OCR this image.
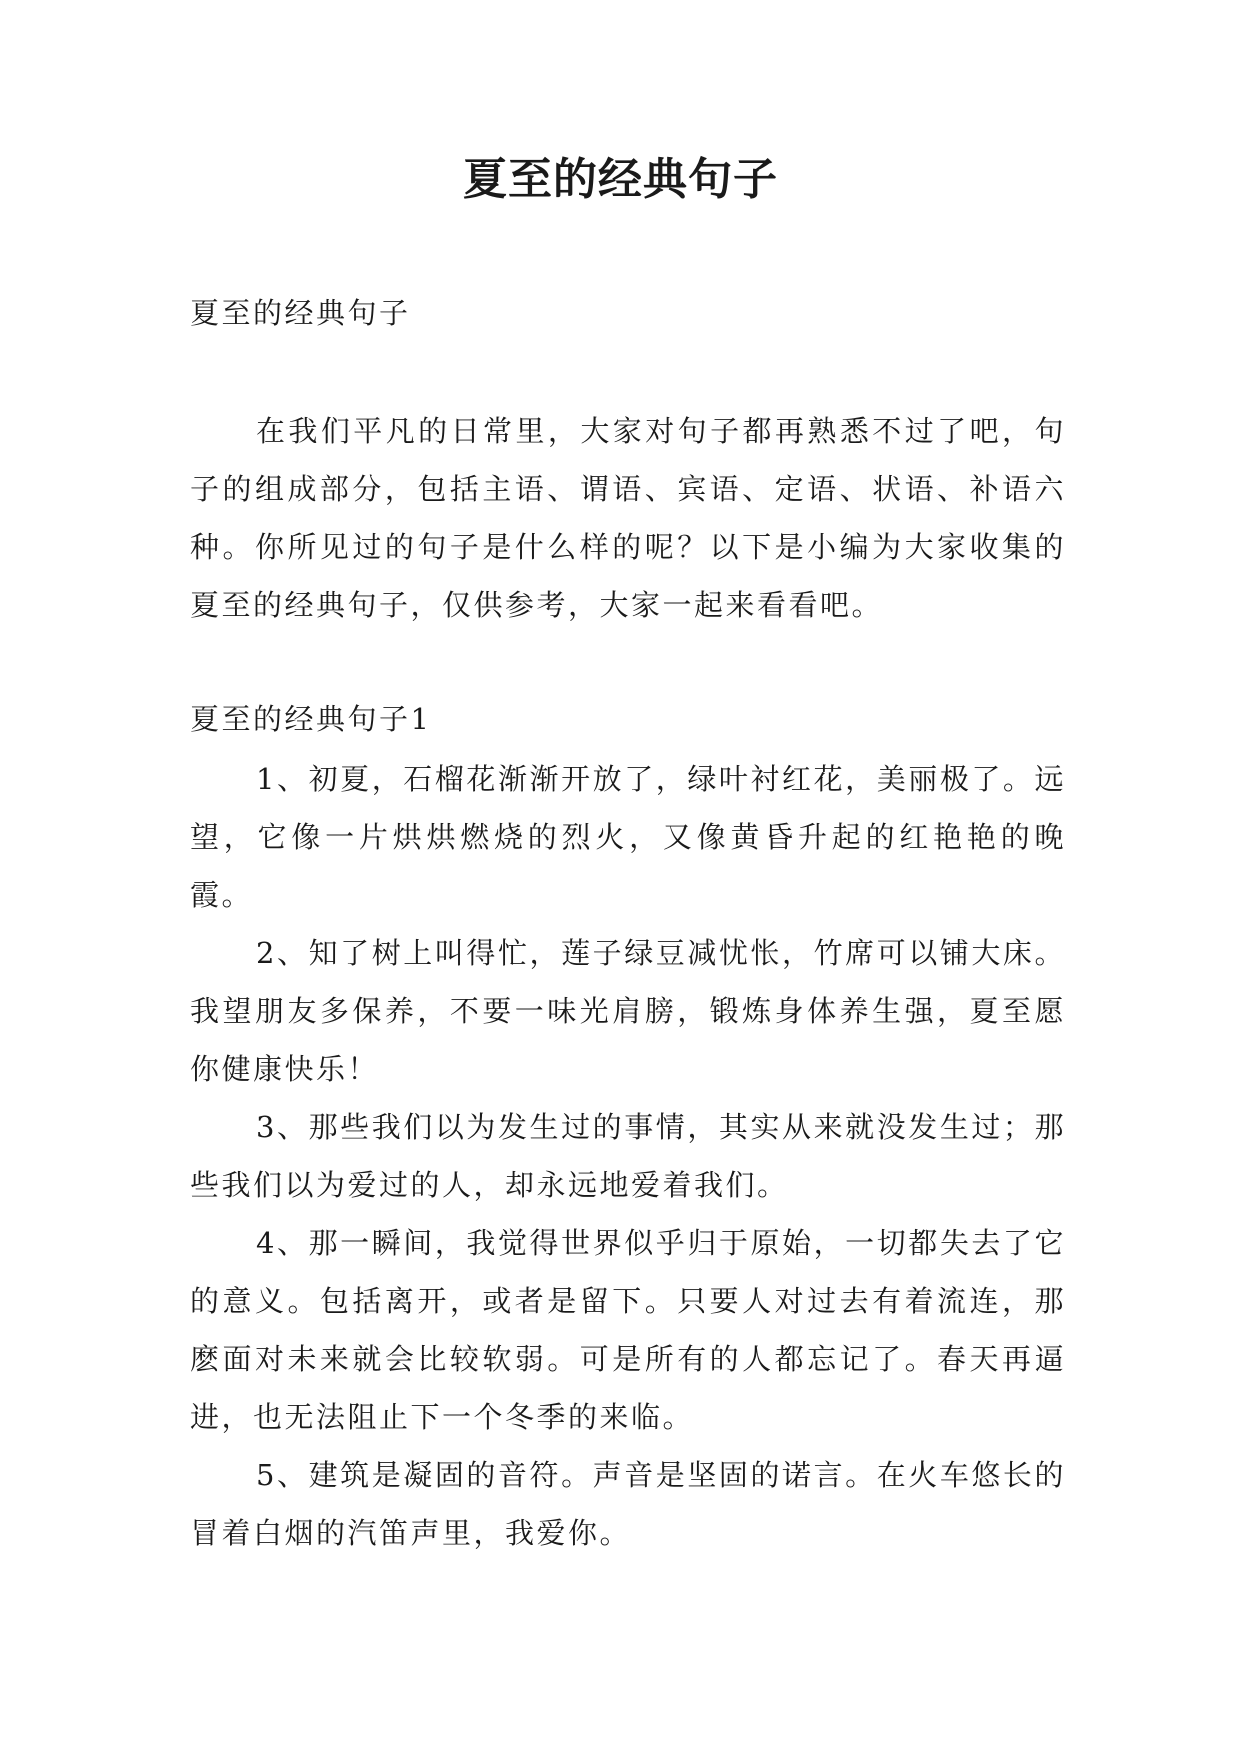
夏至的经典句子

夏至的经典句子

在我们平凡的日常里，大家对句子都再熟悉不过了吧，句子的组成部分，包括主语、谓语、宾语、定语、状语、补语六种。你所见过的句子是什么样的呢？以下是小编为大家收集的夏至的经典句子，仅供参考，大家一起来看看吧。

夏至的经典句子1

1、初夏，石榴花渐渐开放了，绿叶衬红花，美丽极了。远望，它像一片烘烘燃烧的烈火，又像黄昏升起的红艳艳的晚霞。
2、知了树上叫得忙，莲子绿豆减忧怅，竹席可以铺大床。我望朋友多保养，不要一味光肩膀，锻炼身体养生强，夏至愿你健康快乐！
3、那些我们以为发生过的事情，其实从来就没发生过；那些我们以为爱过的人，却永远地爱着我们。
4、那一瞬间，我觉得世界似乎归于原始，一切都失去了它的意义。包括离开，或者是留下。只要人对过去有着流连，那麽面对未来就会比较软弱。可是所有的人都忘记了。春天再逼进，也无法阻止下一个冬季的来临。
5、建筑是凝固的音符。声音是坚固的诺言。在火车悠长的冒着白烟的汽笛声里，我爱你。
